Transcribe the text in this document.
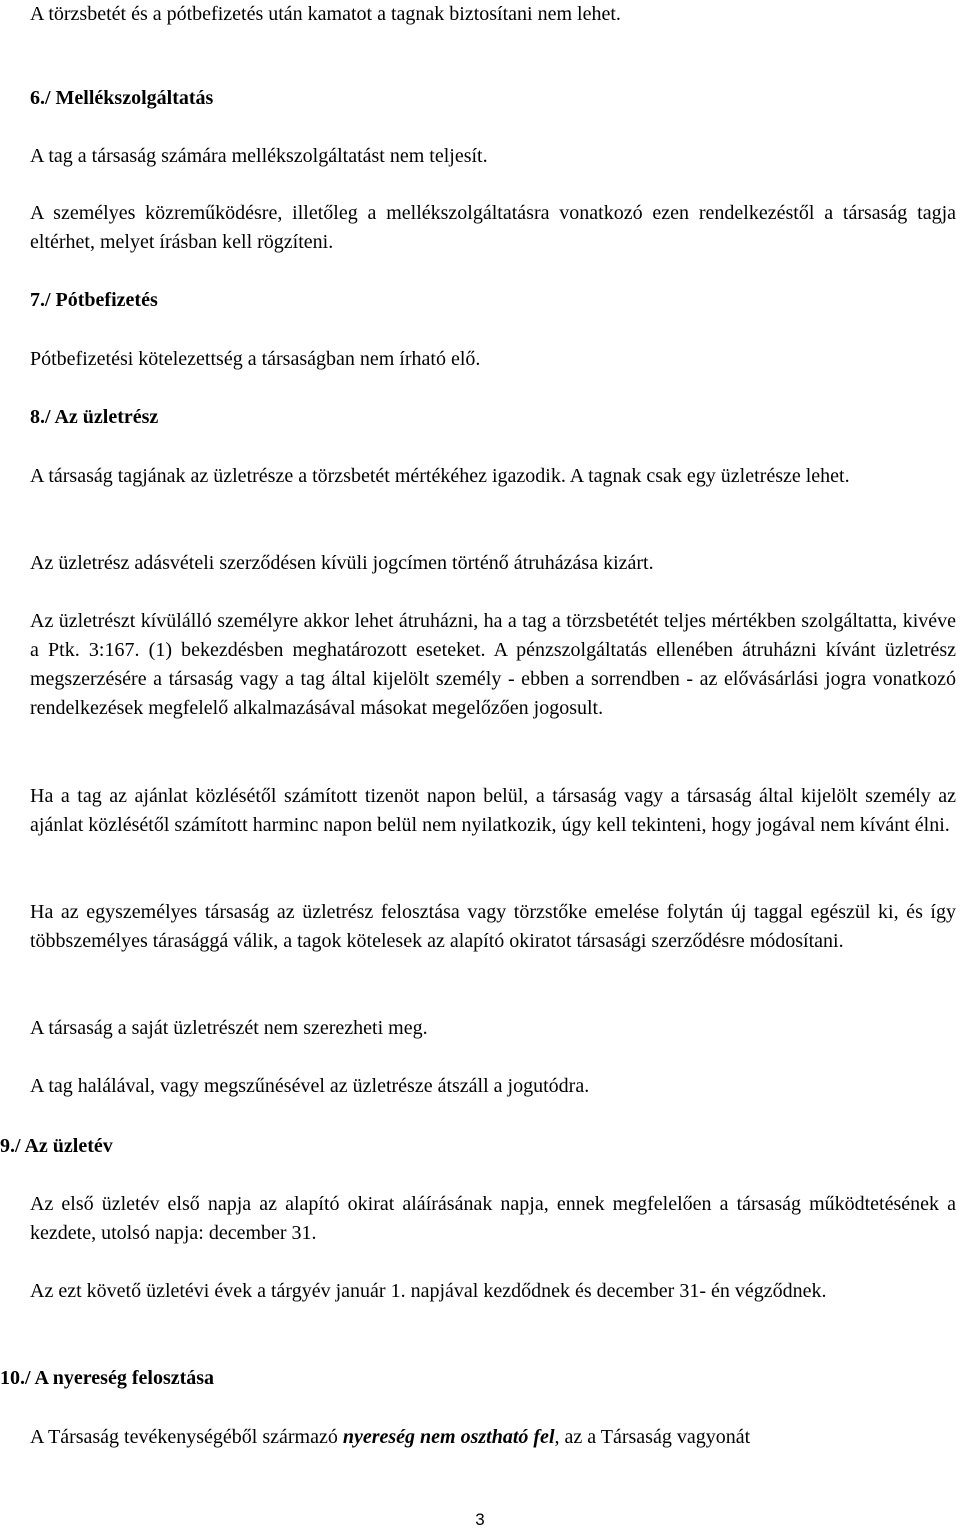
A törzsbetét és a pótbefizetés után kamatot a tagnak biztosítani nem lehet.

6./ Mellékszolgáltatás

A tag a társaság számára mellékszolgáltatást nem teljesít.

A személyes közreműködésre, illetőleg a mellékszolgáltatásra vonatkozó ezen rendelkezéstől a társaság tagja eltérhet, melyet írásban kell rögzíteni.

7./ Pótbefizetés

Pótbefizetési kötelezettség a társaságban nem írható elő.

8./ Az üzletrész

A társaság tagjának az üzletrésze a törzsbetét mértékéhez igazodik. A tagnak csak egy üzletrésze lehet.

Az üzletrész adásvételi szerződésen kívüli jogcímen történő átruházása kizárt.

Az üzletrészt kívülálló személyre akkor lehet átruházni, ha a tag a törzsbetétét teljes mértékben szolgáltatta, kivéve a Ptk. 3:167. (1) bekezdésben meghatározott eseteket. A pénzszolgáltatás ellenében átruházni kívánt üzletrész megszerzésére a társaság vagy a tag által kijelölt személy - ebben a sorrendben - az elővásárlási jogra vonatkozó rendelkezések megfelelő alkalmazásával másokat megelőzően jogosult.

Ha a tag az ajánlat közlésétől számított tizenöt napon belül, a társaság vagy a társaság által kijelölt személy az ajánlat közlésétől számított harminc napon belül nem nyilatkozik, úgy kell tekinteni, hogy jogával nem kívánt élni.

Ha az egyszemélyes társaság az üzletrész felosztása vagy törzstőke emelése folytán új taggal egészül ki, és így többszemélyes tárasággá válik, a tagok kötelesek az alapító okiratot társasági szerződésre módosítani.

A társaság a saját üzletrészét nem szerezheti meg.

A tag halálával, vagy megszűnésével az üzletrésze átszáll a jogutódra.

9./ Az üzletév

Az első üzletév első napja az alapító okirat aláírásának napja, ennek megfelelően a társaság működtetésének a kezdete, utolsó napja: december 31.

Az ezt követő üzletévi évek a tárgyév január 1. napjával kezdődnek és december 31- én végződnek.

10./ A nyereség felosztása

A Társaság tevékenységéből származó nyereség nem osztható fel, az a Társaság vagyonát

3
